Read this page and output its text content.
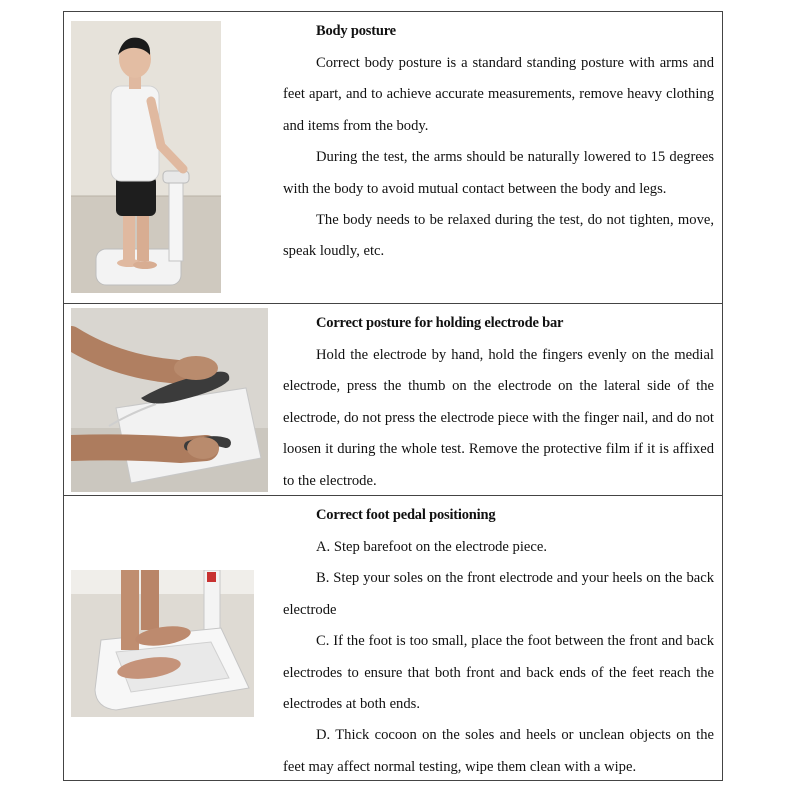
Body posture

Correct body posture is a standard standing posture with arms and feet apart, and to achieve accurate measurements, remove heavy clothing and items from the body.

During the test, the arms should be naturally lowered to 15 degrees with the body to avoid mutual contact between the body and legs.

The body needs to be relaxed during the test, do not tighten, move, speak loudly, etc.

Correct posture for holding electrode bar

Hold the electrode by hand, hold the fingers evenly on the medial electrode, press the thumb on the electrode on the lateral side of the electrode, do not press the electrode piece with the finger nail, and do not loosen it during the whole test. Remove the protective film if it is affixed to the electrode.

Correct foot pedal positioning

A. Step barefoot on the electrode piece.

B. Step your soles on the front electrode and your heels on the back electrode

C. If the foot is too small, place the foot between the front and back electrodes to ensure that both front and back ends of the feet reach the electrodes at both ends.

D. Thick cocoon on the soles and heels or unclean objects on the feet may affect normal testing, wipe them clean with a wipe.
